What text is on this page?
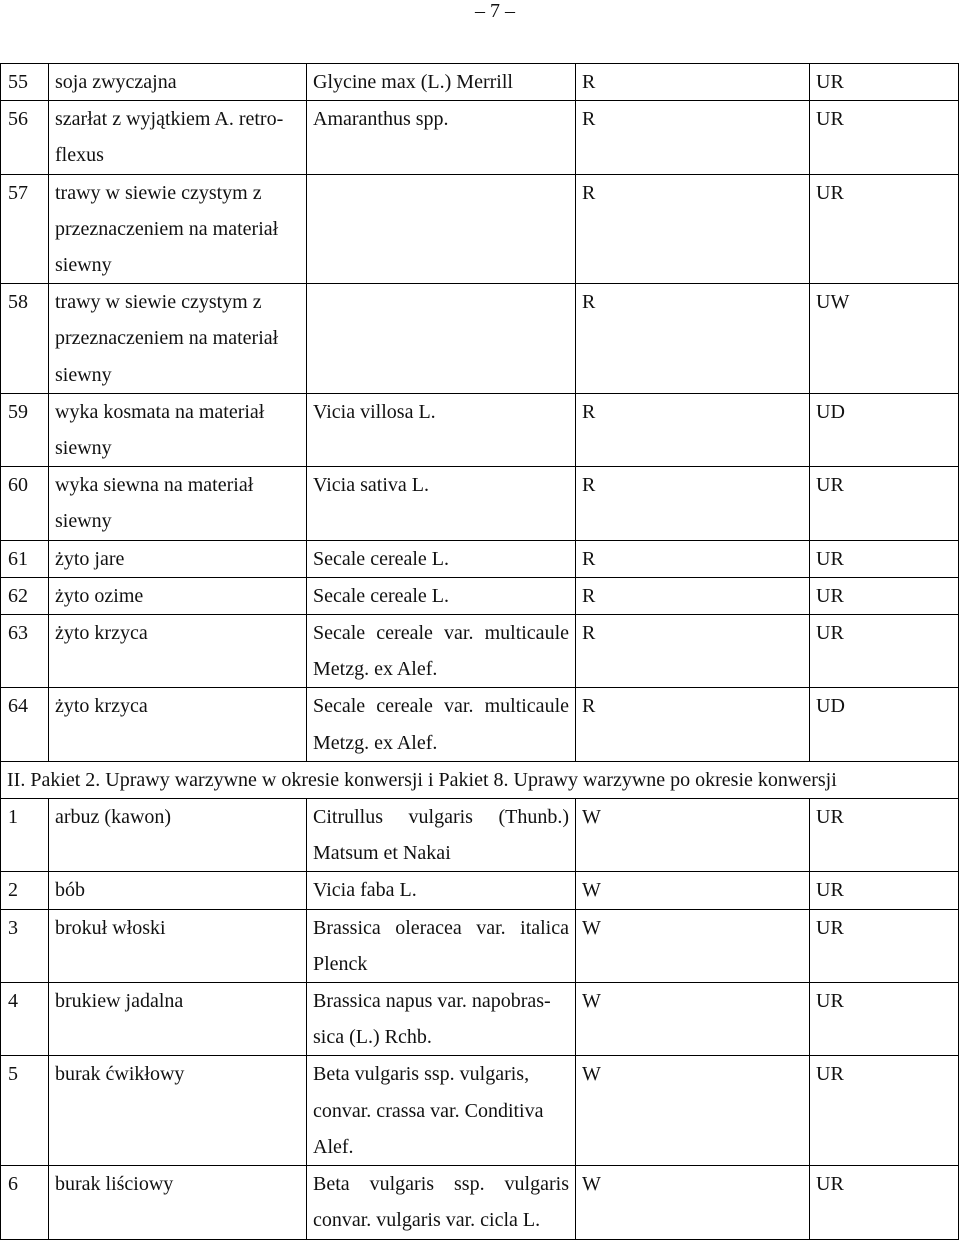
– 7 –
55	soja zwyczajna	Glycine max (L.) Merrill	R	UR
56	szarłat z wyjątkiem A. retro- flexus	Amaranthus spp.	R	UR
57	trawy w siewie czystym z przeznaczeniem na materiał siewny		R	UR
58	trawy w siewie czystym z przeznaczeniem na materiał siewny		R	UW
59	wyka kosmata na materiał siewny	Vicia villosa L.	R	UD
60	wyka siewna na materiał siewny	Vicia sativa L.	R	UR
61	żyto jare	Secale cereale L.	R	UR
62	żyto ozime	Secale cereale L.	R	UR
63	żyto krzyca	Secale cereale var. multicaule Metzg. ex Alef.	R	UR
64	żyto krzyca	Secale cereale var. multicaule Metzg. ex Alef.	R	UD
II. Pakiet 2. Uprawy warzywne w okresie konwersji i Pakiet 8. Uprawy warzywne po okresie konwersji				
1	arbuz (kawon)	Citrullus vulgaris (Thunb.) Matsum et Nakai	W	UR
2	bób	Vicia faba L.	W	UR
3	brokuł włoski	Brassica oleracea var. italica Plenck	W	UR
4	brukiew jadalna	Brassica napus var. napobras- sica (L.) Rchb.	W	UR
5	burak ćwikłowy	Beta vulgaris ssp. vulgaris, convar. crassa var. Conditiva Alef.	W	UR
6	burak liściowy	Beta vulgaris ssp. vulgaris convar. vulgaris var. cicla L.	W	UR
